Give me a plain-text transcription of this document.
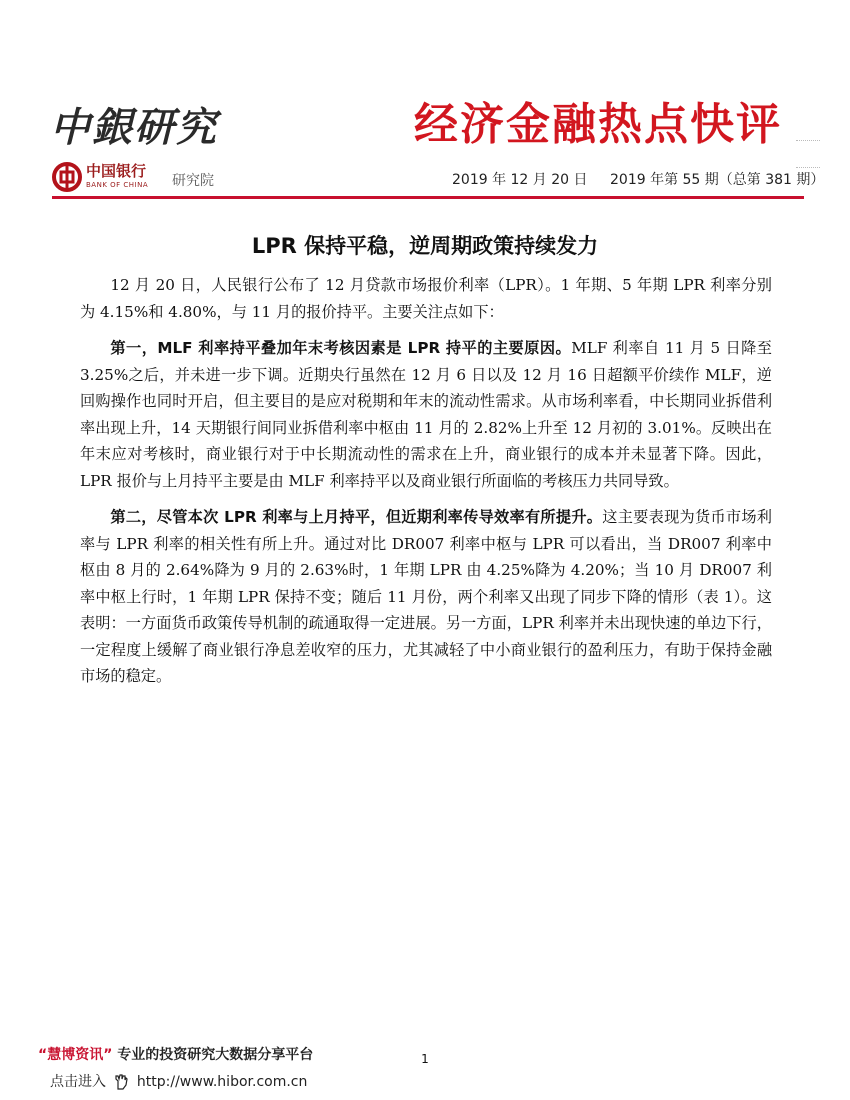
中銀研究	经济金融热点快评
中国银行
BANK OF CHINA 研究院	2019 年 12 月 20 日 2019 年第 55 期（总第 381 期）
LPR 保持平稳，逆周期政策持续发力

12 月 20 日，人民银行公布了 12 月贷款市场报价利率（LPR）。1 年期、5 年期 LPR 利率分别为 4.15%和 4.80%，与 11 月的报价持平。主要关注点如下：

第一，MLF 利率持平叠加年末考核因素是 LPR 持平的主要原因。MLF 利率自 11 月 5 日降至 3.25%之后，并未进一步下调。近期央行虽然在 12 月 6 日以及 12 月 16 日超额平价续作 MLF，逆回购操作也同时开启，但主要目的是应对税期和年末的流动性需求。从市场利率看，中长期同业拆借利率出现上升，14 天期银行间同业拆借利率中枢由 11 月的 2.82%上升至 12 月初的 3.01%。反映出在年末应对考核时，商业银行对于中长期流动性的需求在上升，商业银行的成本并未显著下降。因此，LPR 报价与上月持平主要是由 MLF 利率持平以及商业银行所面临的考核压力共同导致。

第二，尽管本次 LPR 利率与上月持平，但近期利率传导效率有所提升。这主要表现为货币市场利率与 LPR 利率的相关性有所上升。通过对比 DR007 利率中枢与 LPR 可以看出，当 DR007 利率中枢由 8 月的 2.64%降为 9 月的 2.63%时，1 年期 LPR 由 4.25%降为 4.20%；当 10 月 DR007 利率中枢上行时，1 年期 LPR 保持不变；随后 11 月份，两个利率又出现了同步下降的情形（表 1）。这表明：一方面货币政策传导机制的疏通取得一定进展。另一方面，LPR 利率并未出现快速的单边下行，一定程度上缓解了商业银行净息差收窄的压力，尤其减轻了中小商业银行的盈利压力，有助于保持金融市场的稳定。

“慧博资讯” 专业的投资研究大数据分享平台	1
点击进入 http://www.hibor.com.cn
